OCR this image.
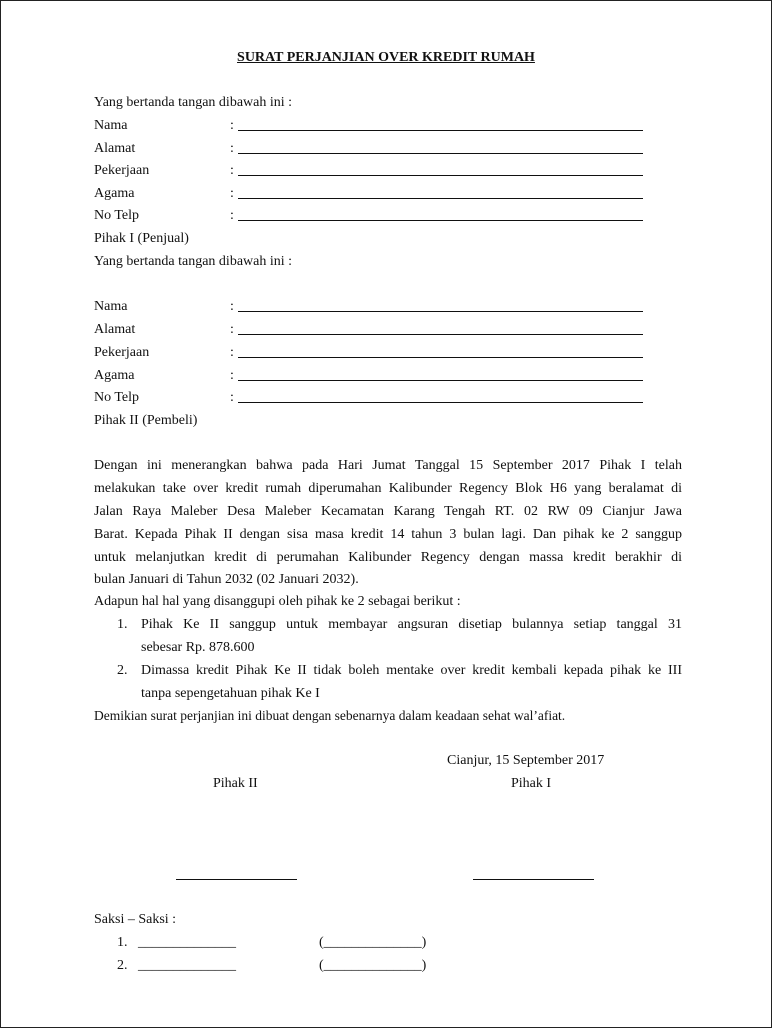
SURAT PERJANJIAN OVER KREDIT RUMAH
Yang bertanda tangan dibawah ini :
Nama	:
Alamat	:
Pekerjaan	:
Agama	:
No Telp	:
Pihak I (Penjual)
Yang bertanda tangan dibawah ini :
Nama	:
Alamat	:
Pekerjaan	:
Agama	:
No Telp	:
Pihak II (Pembeli)
Dengan ini menerangkan bahwa pada Hari Jumat Tanggal 15 September 2017 Pihak I telah
melakukan take over kredit rumah diperumahan Kalibunder Regency Blok H6 yang beralamat di
Jalan Raya Maleber Desa Maleber Kecamatan Karang Tengah RT. 02 RW 09 Cianjur Jawa
Barat. Kepada Pihak II dengan sisa masa kredit 14 tahun 3 bulan lagi. Dan pihak ke 2 sanggup
untuk melanjutkan kredit di perumahan Kalibunder Regency dengan massa kredit berakhir di
bulan Januari di Tahun 2032 (02 Januari 2032).
Adapun hal hal yang disanggupi oleh pihak ke 2 sebagai berikut :
1. Pihak Ke II sanggup untuk membayar angsuran disetiap bulannya setiap tanggal 31
sebesar Rp. 878.600
2. Dimassa kredit Pihak Ke II tidak boleh mentake over kredit kembali kepada pihak ke III
tanpa sepengetahuan pihak Ke I
Demikian surat perjanjian ini dibuat dengan sebenarnya dalam keadaan sehat wal’afiat.
Cianjur, 15 September 2017
Pihak II	Pihak I
Saksi – Saksi :
1. ______________	(______________)
2. ______________	(______________)
